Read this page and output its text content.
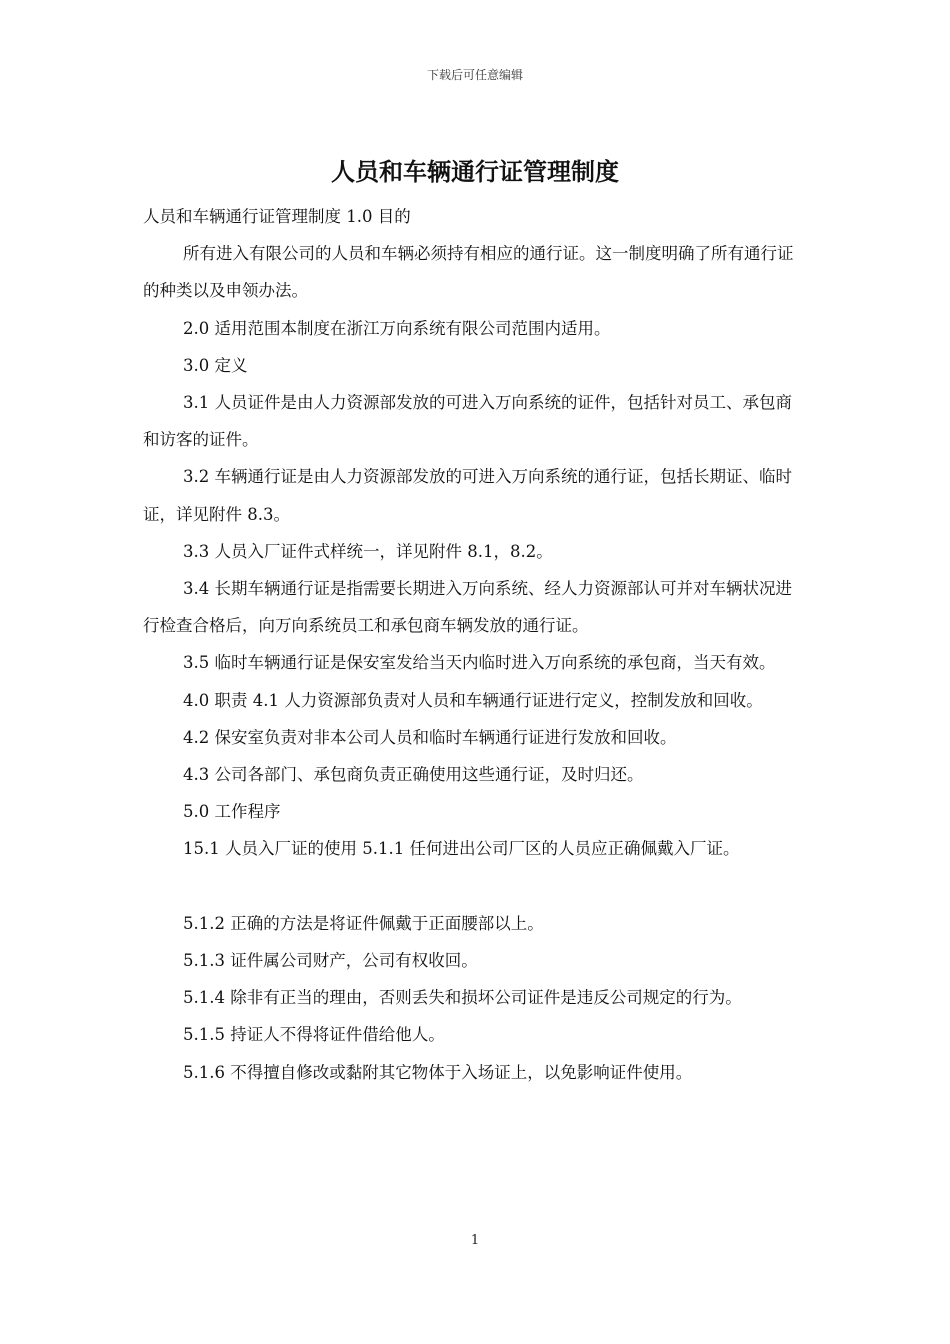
下载后可任意编辑
人员和车辆通行证管理制度

人员和车辆通行证管理制度 1.0 目的

所有进入有限公司的人员和车辆必须持有相应的通行证。这一制度明确了所有通行证的种类以及申领办法。

2.0 适用范围本制度在浙江万向系统有限公司范围内适用。

3.0 定义

3.1 人员证件是由人力资源部发放的可进入万向系统的证件，包括针对员工、承包商和访客的证件。

3.2 车辆通行证是由人力资源部发放的可进入万向系统的通行证，包括长期证、临时证，详见附件 8.3。

3.3 人员入厂证件式样统一，详见附件 8.1，8.2。

3.4 长期车辆通行证是指需要长期进入万向系统、经人力资源部认可并对车辆状况进行检查合格后，向万向系统员工和承包商车辆发放的通行证。

3.5 临时车辆通行证是保安室发给当天内临时进入万向系统的承包商，当天有效。

4.0 职责 4.1 人力资源部负责对人员和车辆通行证进行定义，控制发放和回收。

4.2 保安室负责对非本公司人员和临时车辆通行证进行发放和回收。

4.3 公司各部门、承包商负责正确使用这些通行证，及时归还。

5.0 工作程序

15.1 人员入厂证的使用 5.1.1 任何进出公司厂区的人员应正确佩戴入厂证。

5.1.2 正确的方法是将证件佩戴于正面腰部以上。

5.1.3 证件属公司财产，公司有权收回。

5.1.4 除非有正当的理由，否则丢失和损坏公司证件是违反公司规定的行为。

5.1.5 持证人不得将证件借给他人。

5.1.6 不得擅自修改或黏附其它物体于入场证上，以免影响证件使用。

1
